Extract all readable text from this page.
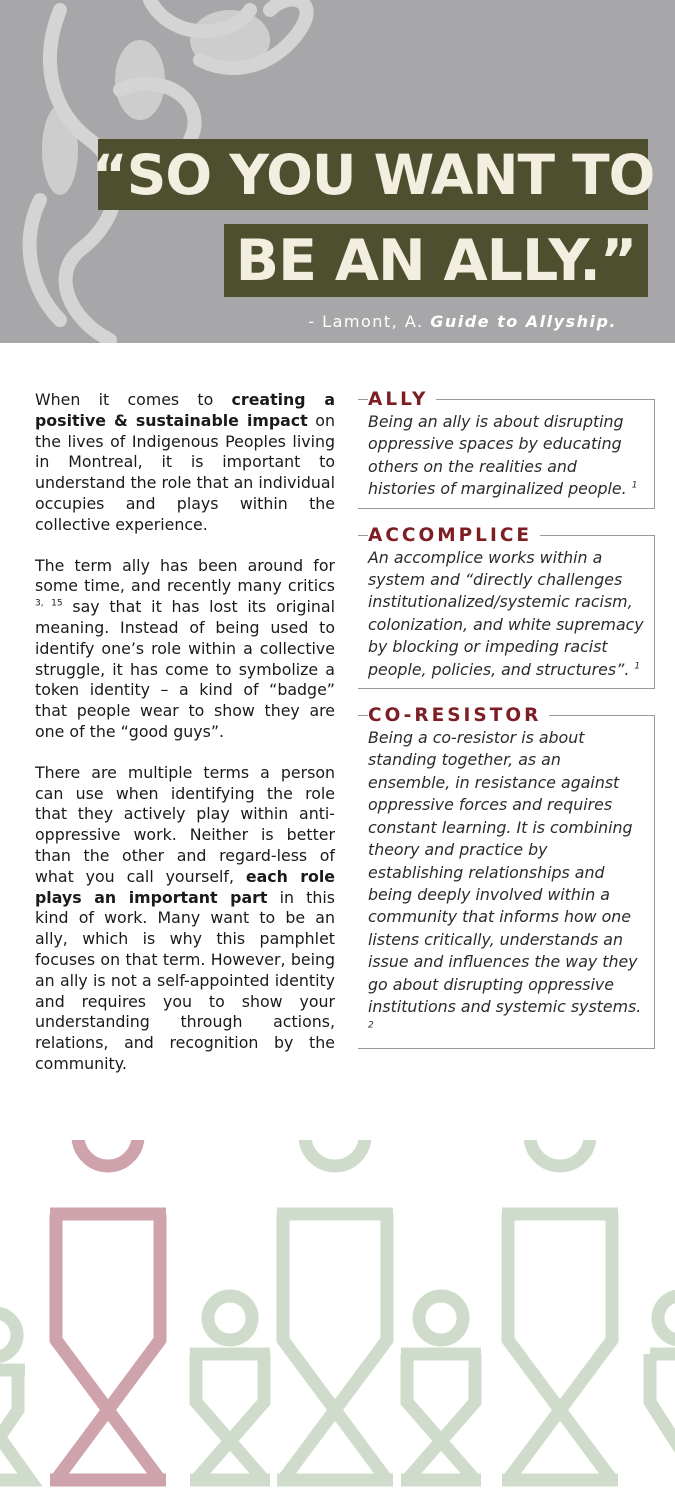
“SO YOU WANT TO
BE AN ALLY.”
- Lamont, A. Guide to Allyship.

When it comes to creating a positive & sustainable impact on the lives of Indigenous Peoples living in Montreal, it is important to understand the role that an individual occupies and plays within the collective experience.

The term ally has been around for some time, and recently many critics $^{3, 15}$ say that it has lost its original meaning. Instead of being used to identify one’s role within a collective struggle, it has come to symbolize a token identity – a kind of “badge” that people wear to show they are one of the “good guys”.

There are multiple terms a person can use when identifying the role that they actively play within anti-oppressive work. Neither is better than the other and regard-less of what you call yourself, each role plays an important part in this kind of work. Many want to be an ally, which is why this pamphlet focuses on that term. However, being an ally is not a self-appointed identity and requires you to show your understanding through actions, relations, and recognition by the community.

ALLY
Being an ally is about disrupting oppressive spaces by educating others on the realities and histories of marginalized people. $^1$
ACCOMPLICE
An accomplice works within a system and “directly challenges institutionalized/systemic racism, colonization, and white supremacy by blocking or impeding racist people, policies, and structures”. $^1$
CO-RESISTOR
Being a co-resistor is about standing together, as an ensemble, in resistance against oppressive forces and requires constant learning. It is combining theory and practice by establishing relationships and being deeply involved within a community that informs how one listens critically, understands an issue and influences the way they go about disrupting oppressive institutions and systemic systems. $^2$
